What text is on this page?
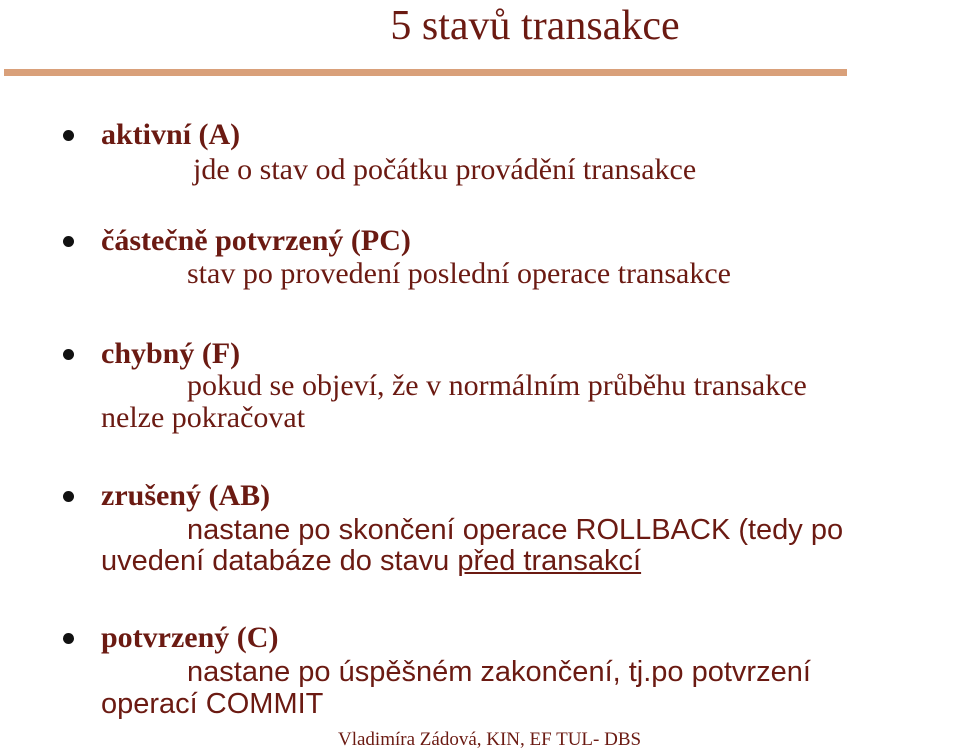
5 stavů transakce
aktivní (A)
jde o stav od počátku provádění transakce
částečně potvrzený (PC)
stav po provedení poslední operace transakce
chybný (F)
pokud se objeví, že v normálním průběhu transakce
nelze pokračovat
zrušený (AB)
nastane po skončení operace ROLLBACK (tedy po
uvedení databáze do stavu před transakcí
potvrzený (C)
nastane po úspěšném zakončení, tj.po potvrzení
operací COMMIT
Vladimíra Zádová, KIN, EF TUL- DBS
